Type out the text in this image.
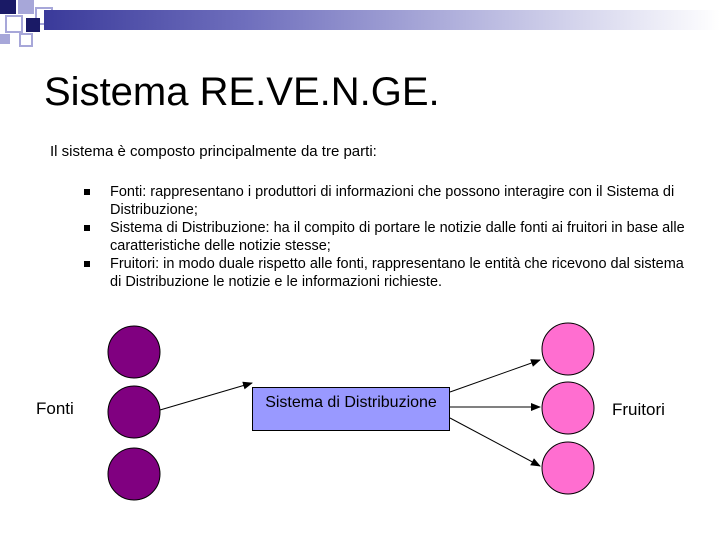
Sistema RE.VE.N.GE.
Il sistema è composto principalmente da tre parti:
Fonti: rappresentano i produttori di informazioni che possono interagire con il Sistema di Distribuzione;
Sistema di Distribuzione: ha il compito di portare le notizie dalle fonti ai fruitori in base alle caratteristiche delle notizie stesse;
Fruitori: in modo duale rispetto alle fonti, rappresentano le entità che ricevono dal sistema di Distribuzione le notizie e le informazioni richieste.
Fonti	Sistema di Distribuzione	Fruitori
